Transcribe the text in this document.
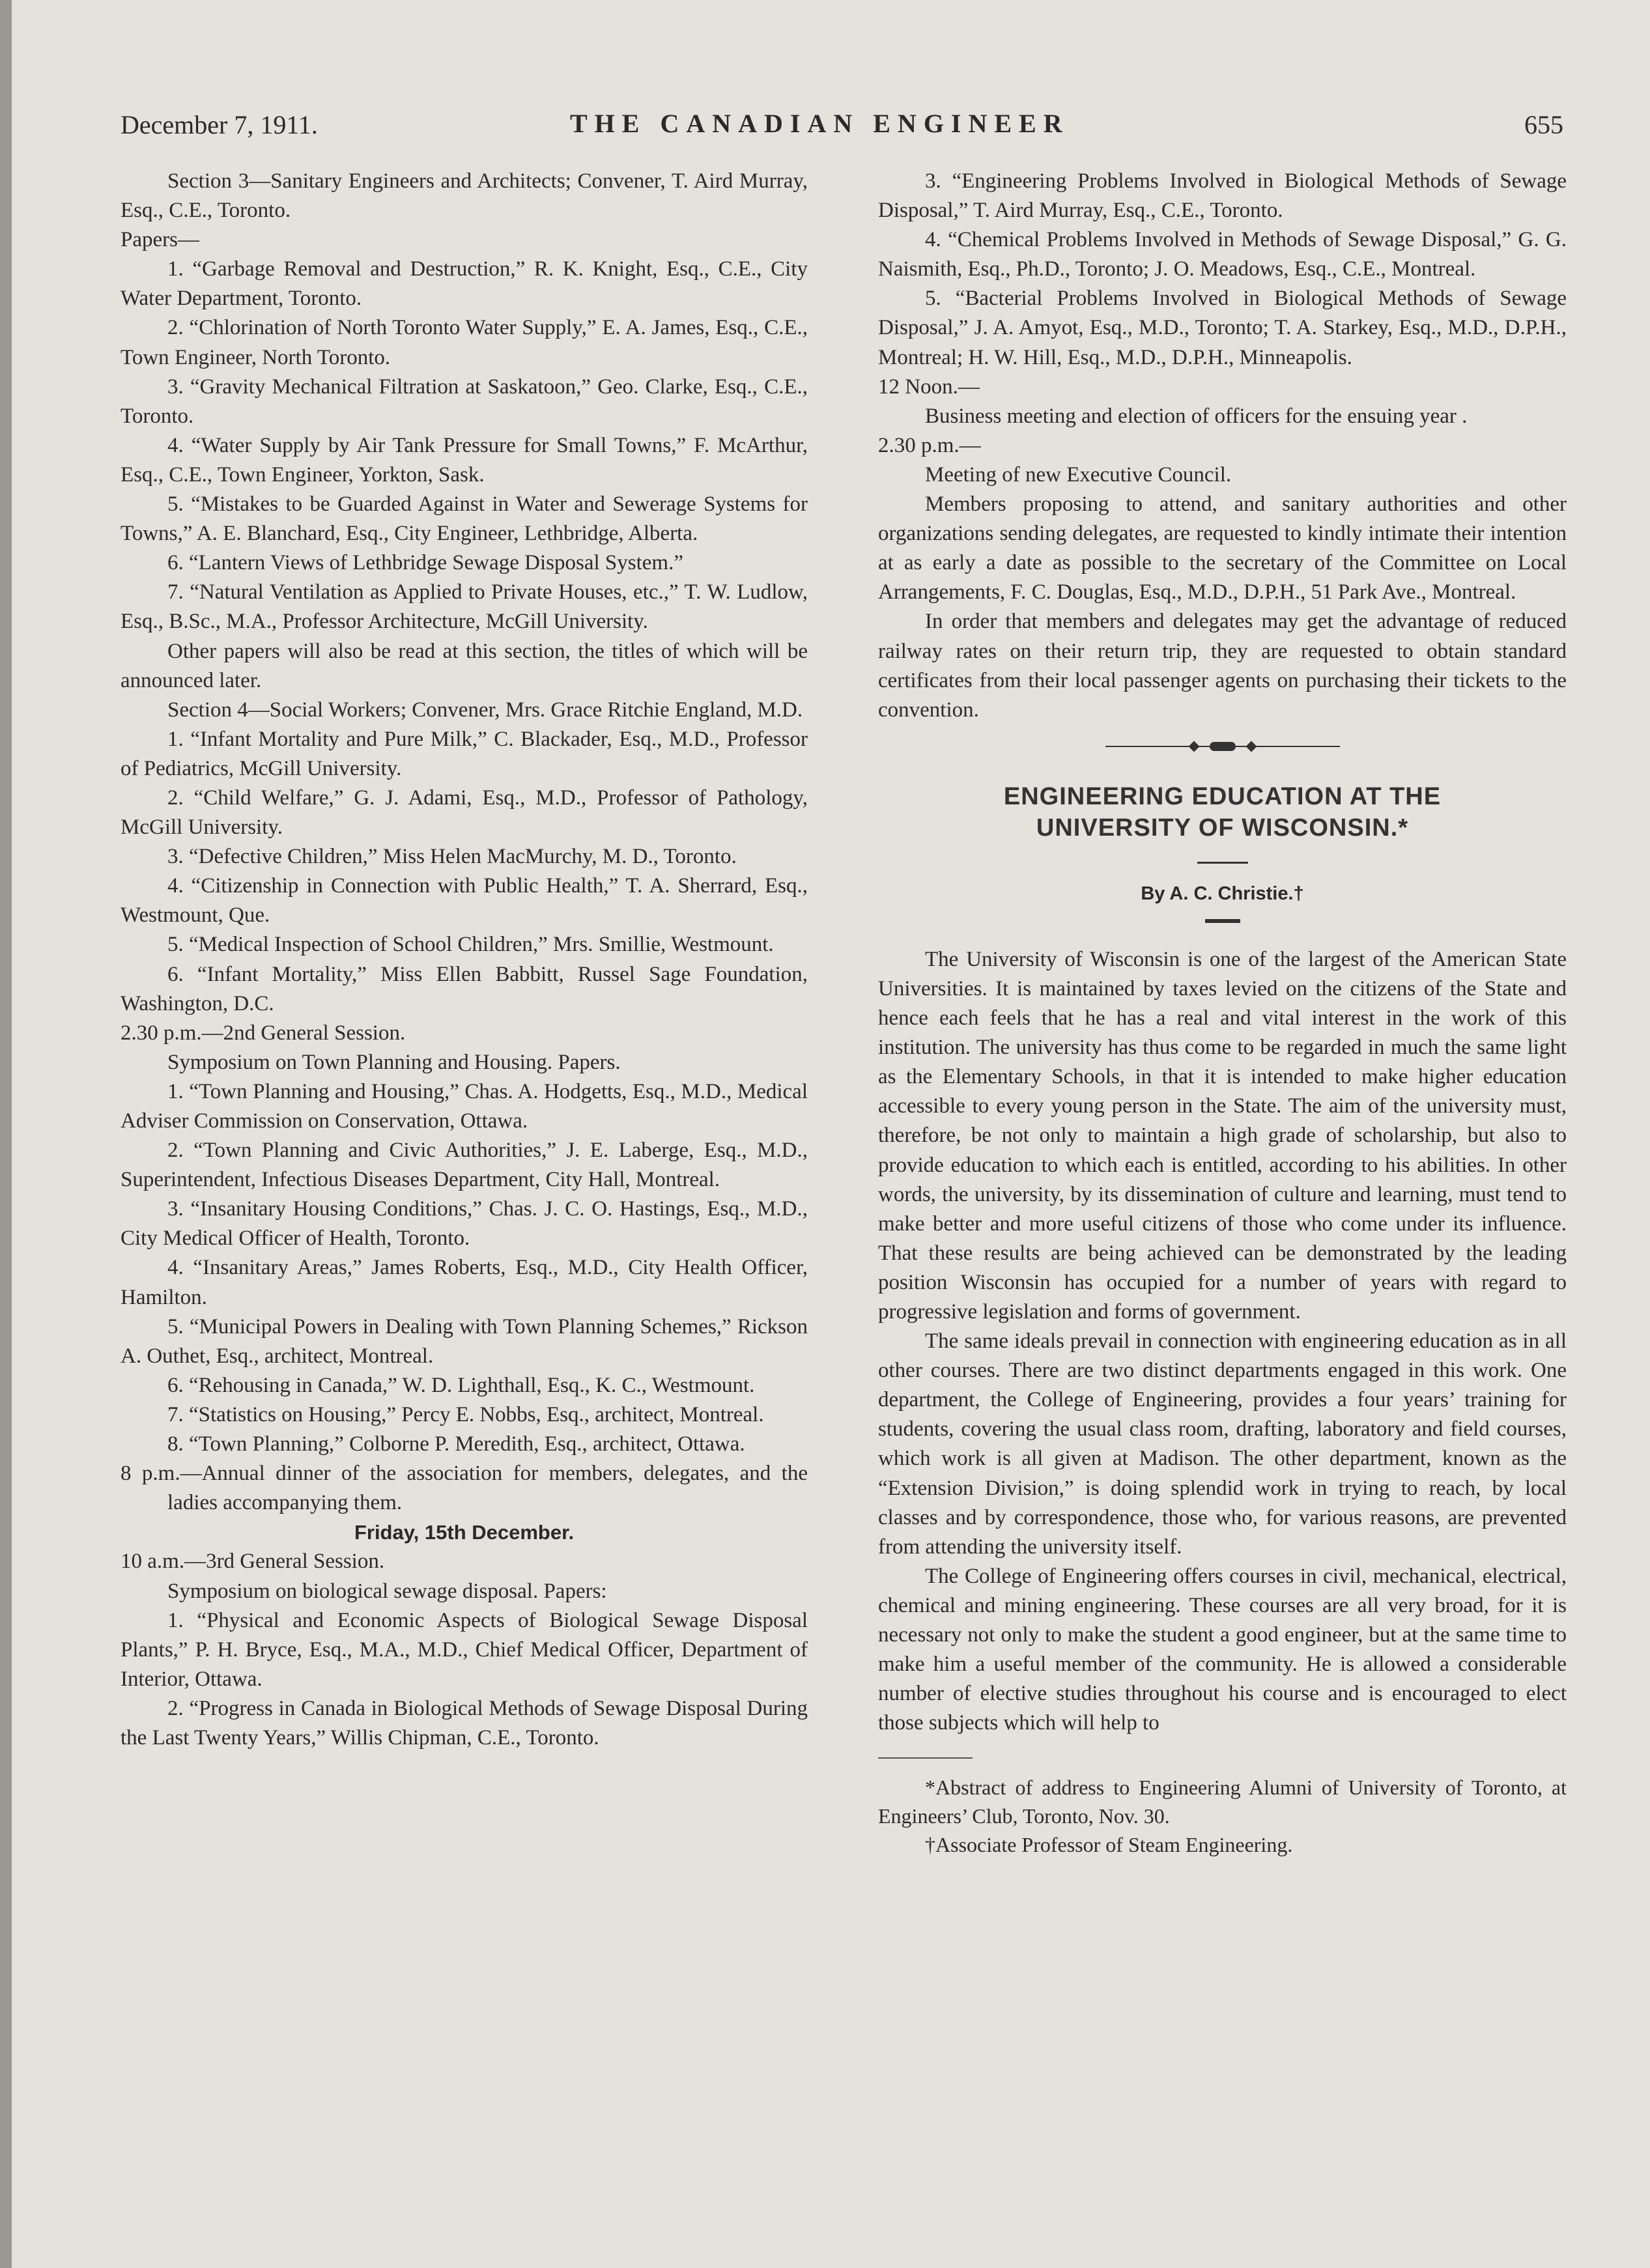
December 7, 1911.	THE CANADIAN ENGINEER	655

Section 3—Sanitary Engineers and Architects; Convener, T. Aird Murray, Esq., C.E., Toronto.

Papers—

1. “Garbage Removal and Destruction,” R. K. Knight, Esq., C.E., City Water Department, Toronto.

2. “Chlorination of North Toronto Water Supply,” E. A. James, Esq., C.E., Town Engineer, North Toronto.

3. “Gravity Mechanical Filtration at Saskatoon,” Geo. Clarke, Esq., C.E., Toronto.

4. “Water Supply by Air Tank Pressure for Small Towns,” F. McArthur, Esq., C.E., Town Engineer, Yorkton, Sask.

5. “Mistakes to be Guarded Against in Water and Sewerage Systems for Towns,” A. E. Blanchard, Esq., City Engineer, Lethbridge, Alberta.

6. “Lantern Views of Lethbridge Sewage Disposal System.”

7. “Natural Ventilation as Applied to Private Houses, etc.,” T. W. Ludlow, Esq., B.Sc., M.A., Professor Architecture, McGill University.

Other papers will also be read at this section, the titles of which will be announced later.

Section 4—Social Workers; Convener, Mrs. Grace Ritchie England, M.D.

1. “Infant Mortality and Pure Milk,” C. Blackader, Esq., M.D., Professor of Pediatrics, McGill University.

2. “Child Welfare,” G. J. Adami, Esq., M.D., Professor of Pathology, McGill University.

3. “Defective Children,” Miss Helen MacMurchy, M. D., Toronto.

4. “Citizenship in Connection with Public Health,” T. A. Sherrard, Esq., Westmount, Que.

5. “Medical Inspection of School Children,” Mrs. Smillie, Westmount.

6. “Infant Mortality,” Miss Ellen Babbitt, Russel Sage Foundation, Washington, D.C.

2.30 p.m.—2nd General Session.

Symposium on Town Planning and Housing. Papers.

1. “Town Planning and Housing,” Chas. A. Hodgetts, Esq., M.D., Medical Adviser Commission on Conservation, Ottawa.

2. “Town Planning and Civic Authorities,” J. E. Laberge, Esq., M.D., Superintendent, Infectious Diseases Department, City Hall, Montreal.

3. “Insanitary Housing Conditions,” Chas. J. C. O. Hastings, Esq., M.D., City Medical Officer of Health, Toronto.

4. “Insanitary Areas,” James Roberts, Esq., M.D., City Health Officer, Hamilton.

5. “Municipal Powers in Dealing with Town Planning Schemes,” Rickson A. Outhet, Esq., architect, Montreal.

6. “Rehousing in Canada,” W. D. Lighthall, Esq., K. C., Westmount.

7. “Statistics on Housing,” Percy E. Nobbs, Esq., architect, Montreal.

8. “Town Planning,” Colborne P. Meredith, Esq., architect, Ottawa.

8 p.m.—Annual dinner of the association for members, delegates, and the ladies accompanying them.

Friday, 15th December.

10 a.m.—3rd General Session.

Symposium on biological sewage disposal. Papers:

1. “Physical and Economic Aspects of Biological Sewage Disposal Plants,” P. H. Bryce, Esq., M.A., M.D., Chief Medical Officer, Department of Interior, Ottawa.

2. “Progress in Canada in Biological Methods of Sewage Disposal During the Last Twenty Years,” Willis Chipman, C.E., Toronto.

3. “Engineering Problems Involved in Biological Methods of Sewage Disposal,” T. Aird Murray, Esq., C.E., Toronto.

4. “Chemical Problems Involved in Methods of Sewage Disposal,” G. G. Naismith, Esq., Ph.D., Toronto; J. O. Meadows, Esq., C.E., Montreal.

5. “Bacterial Problems Involved in Biological Methods of Sewage Disposal,” J. A. Amyot, Esq., M.D., Toronto; T. A. Starkey, Esq., M.D., D.P.H., Montreal; H. W. Hill, Esq., M.D., D.P.H., Minneapolis.

12 Noon.—

Business meeting and election of officers for the ensuing year .

2.30 p.m.—

Meeting of new Executive Council.

Members proposing to attend, and sanitary authorities and other organizations sending delegates, are requested to kindly intimate their intention at as early a date as possible to the secretary of the Committee on Local Arrangements, F. C. Douglas, Esq., M.D., D.P.H., 51 Park Ave., Montreal.

In order that members and delegates may get the advantage of reduced railway rates on their return trip, they are requested to obtain standard certificates from their local passenger agents on purchasing their tickets to the convention.

ENGINEERING EDUCATION AT THE
UNIVERSITY OF WISCONSIN.*
By A. C. Christie.†

The University of Wisconsin is one of the largest of the American State Universities. It is maintained by taxes levied on the citizens of the State and hence each feels that he has a real and vital interest in the work of this institution. The university has thus come to be regarded in much the same light as the Elementary Schools, in that it is intended to make higher education accessible to every young person in the State. The aim of the university must, therefore, be not only to maintain a high grade of scholarship, but also to provide education to which each is entitled, according to his abilities. In other words, the university, by its dissemination of culture and learning, must tend to make better and more useful citizens of those who come under its influence. That these results are being achieved can be demonstrated by the leading position Wisconsin has occupied for a number of years with regard to progressive legislation and forms of government.

The same ideals prevail in connection with engineering education as in all other courses. There are two distinct departments engaged in this work. One department, the College of Engineering, provides a four years’ training for students, covering the usual class room, drafting, laboratory and field courses, which work is all given at Madison. The other department, known as the “Extension Division,” is doing splendid work in trying to reach, by local classes and by correspondence, those who, for various reasons, are prevented from attending the university itself.

The College of Engineering offers courses in civil, mechanical, electrical, chemical and mining engineering. These courses are all very broad, for it is necessary not only to make the student a good engineer, but at the same time to make him a useful member of the community. He is allowed a considerable number of elective studies throughout his course and is encouraged to elect those subjects which will help to

*Abstract of address to Engineering Alumni of University of Toronto, at Engineers’ Club, Toronto, Nov. 30.

†Associate Professor of Steam Engineering.
